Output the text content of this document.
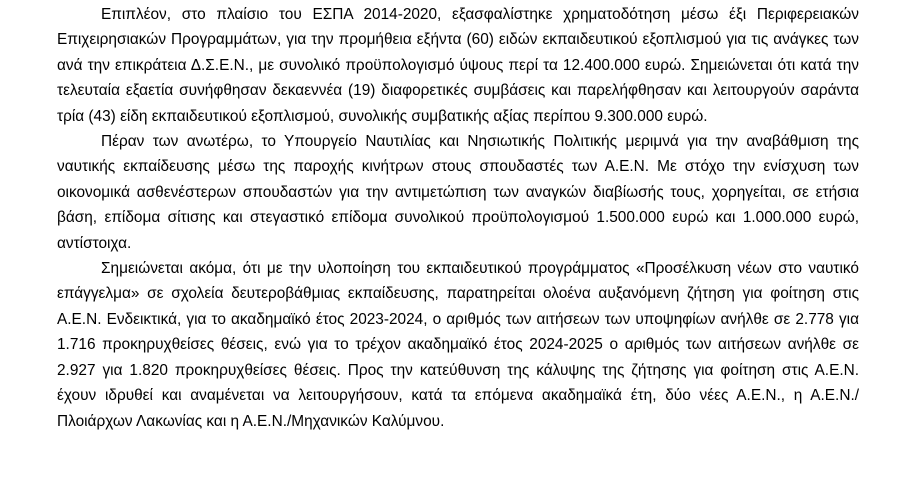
Επιπλέον, στο πλαίσιο του ΕΣΠΑ 2014-2020, εξασφαλίστηκε χρηματοδότηση μέσω έξι Περιφερειακών Επιχειρησιακών Προγραμμάτων, για την προμήθεια εξήντα (60) ειδών εκπαιδευτικού εξοπλισμού για τις ανάγκες των ανά την επικράτεια Δ.Σ.Ε.Ν., με συνολικό προϋπολογισμό ύψους περί τα 12.400.000 ευρώ. Σημειώνεται ότι κατά την τελευταία εξαετία συνήφθησαν δεκαεννέα (19) διαφορετικές συμβάσεις και παρελήφθησαν και λειτουργούν σαράντα τρία (43) είδη εκπαιδευτικού εξοπλισμού, συνολικής συμβατικής αξίας περίπου 9.300.000 ευρώ.

Πέραν των ανωτέρω, το Υπουργείο Ναυτιλίας και Νησιωτικής Πολιτικής μεριμνά για την αναβάθμιση της ναυτικής εκπαίδευσης μέσω της παροχής κινήτρων στους σπουδαστές των Α.Ε.Ν. Με στόχο την ενίσχυση των οικονομικά ασθενέστερων σπουδαστών για την αντιμετώπιση των αναγκών διαβίωσής τους, χορηγείται, σε ετήσια βάση, επίδομα σίτισης και στεγαστικό επίδομα συνολικού προϋπολογισμού 1.500.000 ευρώ και 1.000.000 ευρώ, αντίστοιχα.

Σημειώνεται ακόμα, ότι με την υλοποίηση του εκπαιδευτικού προγράμματος «Προσέλκυση νέων στο ναυτικό επάγγελμα» σε σχολεία δευτεροβάθμιας εκπαίδευσης, παρατηρείται ολοένα αυξανόμενη ζήτηση για φοίτηση στις Α.Ε.Ν. Ενδεικτικά, για το ακαδημαϊκό έτος 2023-2024, ο αριθμός των αιτήσεων των υποψηφίων ανήλθε σε 2.778 για 1.716 προκηρυχθείσες θέσεις, ενώ για το τρέχον ακαδημαϊκό έτος 2024-2025 ο αριθμός των αιτήσεων ανήλθε σε 2.927 για 1.820 προκηρυχθείσες θέσεις. Προς την κατεύθυνση της κάλυψης της ζήτησης για φοίτηση στις Α.Ε.Ν. έχουν ιδρυθεί και αναμένεται να λειτουργήσουν, κατά τα επόμενα ακαδημαϊκά έτη, δύο νέες Α.Ε.Ν., η Α.Ε.Ν./Πλοιάρχων Λακωνίας και η Α.Ε.Ν./Μηχανικών Καλύμνου.
